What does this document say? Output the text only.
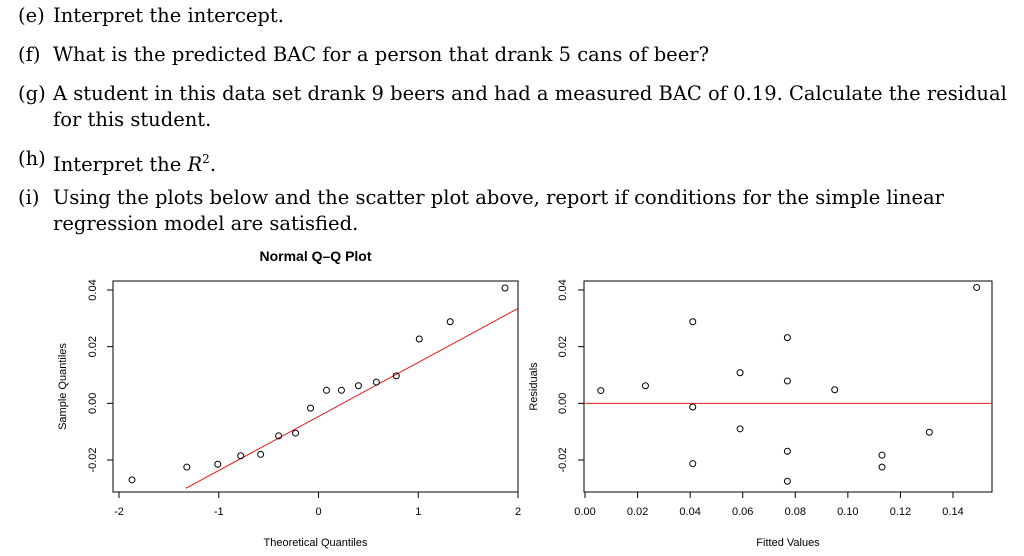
(e) Interpret the intercept.
(f) What is the predicted BAC for a person that drank 5 cans of beer?
(g) A student in this data set drank 9 beers and had a measured BAC of 0.19. Calculate the residual for this student.
(h) Interpret the $R^2$.
(i) Using the plots below and the scatter plot above, report if conditions for the simple linear regression model are satisfied.
Normal Q–Q Plot
-2	-1	0	1	2
-0.02
0.00
0.02
0.04
Theoretical Quantiles
Sample Quantiles
0.00	0.02	0.04	0.06	0.08	0.10	0.12	0.14
-0.02
0.00
0.02
0.04
Fitted Values
Residuals
